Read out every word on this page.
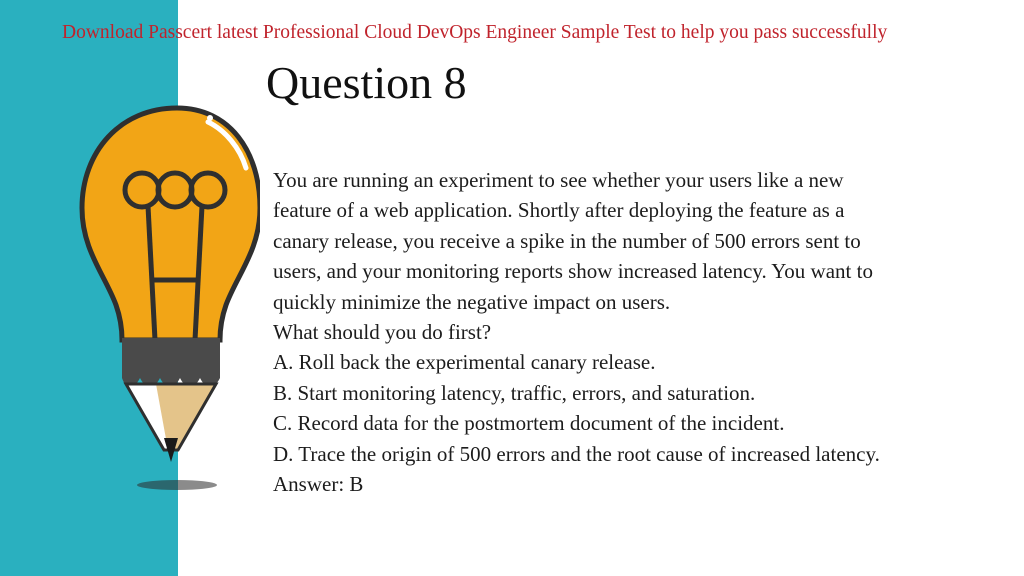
Download Passcert latest Professional Cloud DevOps Engineer Sample Test to help you pass successfully
Question 8
You are running an experiment to see whether your users like a new
feature of a web application. Shortly after deploying the feature as a
canary release, you receive a spike in the number of 500 errors sent to
users, and your monitoring reports show increased latency. You want to
quickly minimize the negative impact on users.
What should you do first?
A. Roll back the experimental canary release.
B. Start monitoring latency, traffic, errors, and saturation.
C. Record data for the postmortem document of the incident.
D. Trace the origin of 500 errors and the root cause of increased latency.
Answer: B
